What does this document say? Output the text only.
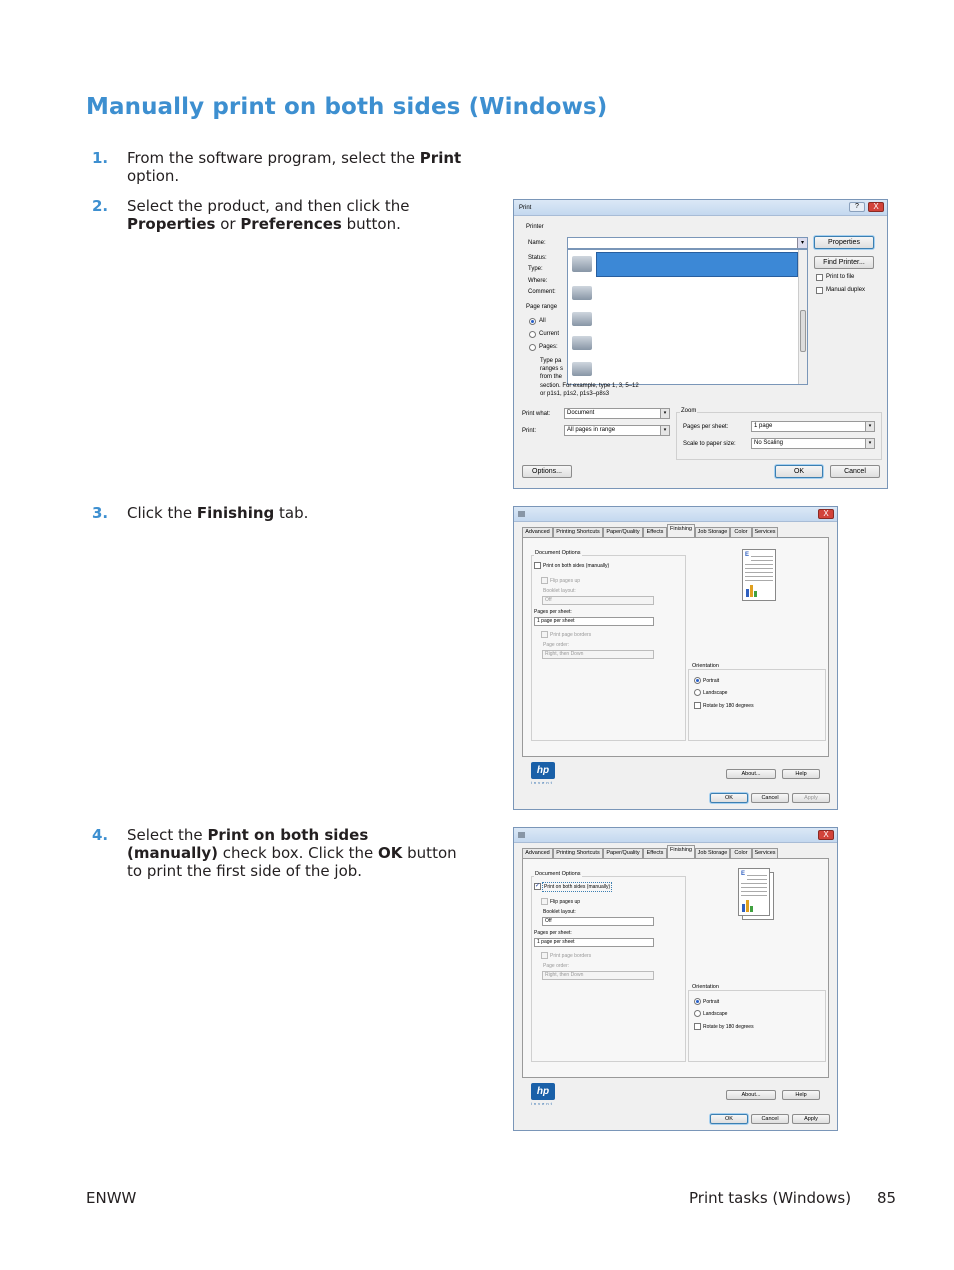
Manually print on both sides (Windows)
1.	From the software program, select the Print option.
2.	Select the product, and then click the Properties or Preferences button.
3.	Click the Finishing tab.
4.	Select the Print on both sides (manually) check box. Click the OK button to print the first side of the job.
Print	?	X
Printer
Name:
Status:
Type:
Where:
Comment:
▾	Properties
Find Printer...
Print to file
Manual duplex
Page range
All
Current
Pages:
Type pa
ranges s
from the
section. For example, type 1, 3, 5–12
or p1s1, p1s2, p1s3–p8s3
Print what:	Document	▾
Print:	All pages in range	▾
Zoom
Pages per sheet:	1 page	▾
Scale to paper size:	No Scaling	▾
Options...	OK	Cancel
X
Advanced	Printing Shortcuts	Paper/Quality	Effects	Finishing	Job Storage	Color	Services
Document Options
Print on both sides (manually)
Flip pages up
Booklet layout:
Off
Pages per sheet:
1 page per sheet
Print page borders
Page order:
Right, then Down
E
Orientation
Portrait
Landscape
Rotate by 180 degrees
hp
invent
About...	Help
OK	Cancel	Apply
X
Advanced	Printing Shortcuts	Paper/Quality	Effects	Finishing	Job Storage	Color	Services
Document Options
✓ Print on both sides (manually)
Flip pages up
Booklet layout:
Off
Pages per sheet:
1 page per sheet
Print page borders
Page order:
Right, then Down
E
Orientation
Portrait
Landscape
Rotate by 180 degrees
hp
invent
About...	Help
OK	Cancel	Apply
ENWW	Print tasks (Windows) 85
